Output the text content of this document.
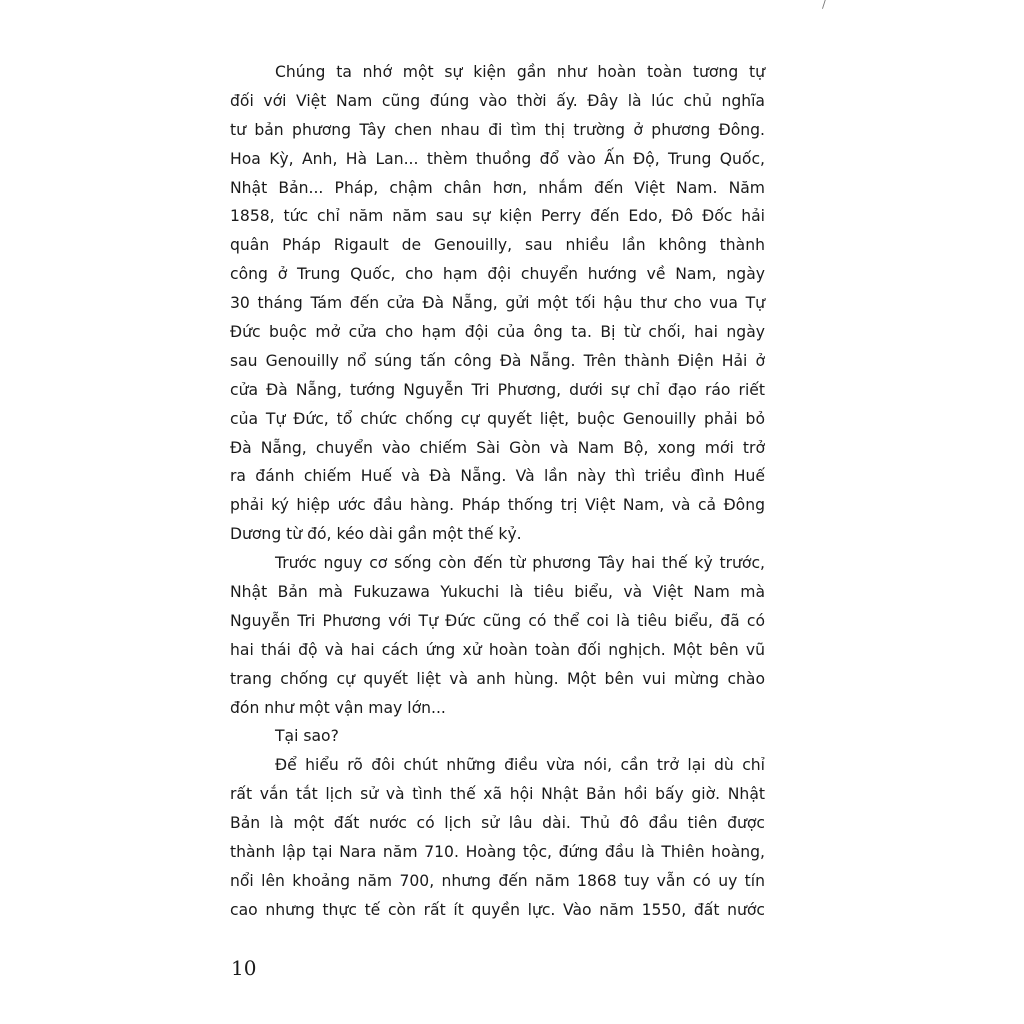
/
Chúng ta nhớ một sự kiện gần như hoàn toàn tương tự
đối với Việt Nam cũng đúng vào thời ấy. Đây là lúc chủ nghĩa
tư bản phương Tây chen nhau đi tìm thị trường ở phương Đông.
Hoa Kỳ, Anh, Hà Lan... thèm thuồng đổ vào Ấn Độ, Trung Quốc,
Nhật Bản... Pháp, chậm chân hơn, nhắm đến Việt Nam. Năm
1858, tức chỉ năm năm sau sự kiện Perry đến Edo, Đô Đốc hải
quân Pháp Rigault de Genouilly, sau nhiều lần không thành
công ở Trung Quốc, cho hạm đội chuyển hướng về Nam, ngày
30 tháng Tám đến cửa Đà Nẵng, gửi một tối hậu thư cho vua Tự
Đức buộc mở cửa cho hạm đội của ông ta. Bị từ chối, hai ngày
sau Genouilly nổ súng tấn công Đà Nẵng. Trên thành Điện Hải ở
cửa Đà Nẵng, tướng Nguyễn Tri Phương, dưới sự chỉ đạo ráo riết
của Tự Đức, tổ chức chống cự quyết liệt, buộc Genouilly phải bỏ
Đà Nẵng, chuyển vào chiếm Sài Gòn và Nam Bộ, xong mới trở
ra đánh chiếm Huế và Đà Nẵng. Và lần này thì triều đình Huế
phải ký hiệp ước đầu hàng. Pháp thống trị Việt Nam, và cả Đông
Dương từ đó, kéo dài gần một thế kỷ.
Trước nguy cơ sống còn đến từ phương Tây hai thế kỷ trước,
Nhật Bản mà Fukuzawa Yukuchi là tiêu biểu, và Việt Nam mà
Nguyễn Tri Phương với Tự Đức cũng có thể coi là tiêu biểu, đã có
hai thái độ và hai cách ứng xử hoàn toàn đối nghịch. Một bên vũ
trang chống cự quyết liệt và anh hùng. Một bên vui mừng chào
đón như một vận may lớn...
Tại sao?
Để hiểu rõ đôi chút những điều vừa nói, cần trở lại dù chỉ
rất vắn tắt lịch sử và tình thế xã hội Nhật Bản hồi bấy giờ. Nhật
Bản là một đất nước có lịch sử lâu dài. Thủ đô đầu tiên được
thành lập tại Nara năm 710. Hoàng tộc, đứng đầu là Thiên hoàng,
nổi lên khoảng năm 700, nhưng đến năm 1868 tuy vẫn có uy tín
cao nhưng thực tế còn rất ít quyền lực. Vào năm 1550, đất nước
10
